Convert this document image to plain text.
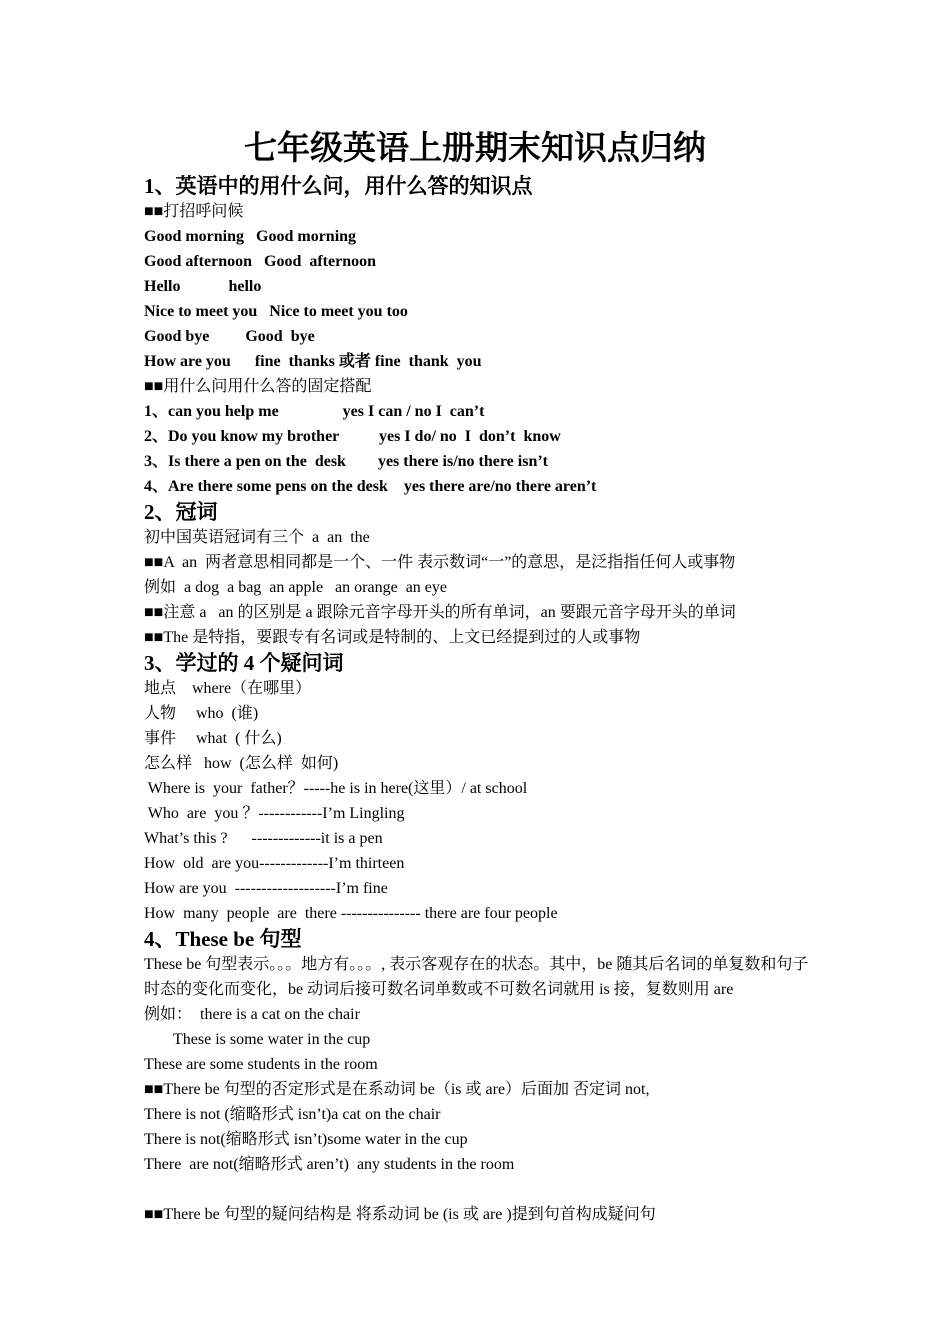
七年级英语上册期末知识点归纳
1、英语中的用什么问，用什么答的知识点
■■打招呼问候
Good morning   Good morning
Good afternoon   Good  afternoon
Hello            hello
Nice to meet you   Nice to meet you too
Good bye         Good  bye
How are you      fine  thanks 或者 fine  thank  you
■■用什么问用什么答的固定搭配
1、can you help me                yes I can / no I  can’t
2、Do you know my brother          yes I do/ no  I  don’t  know
3、Is there a pen on the  desk        yes there is/no there isn’t
4、Are there some pens on the desk    yes there are/no there aren’t
2、冠词
初中国英语冠词有三个  a  an  the
■■A  an  两者意思相同都是一个、一件 表示数词“一”的意思，是泛指指任何人或事物
例如  a dog  a bag  an apple   an orange  an eye
■■注意 a   an 的区别是 a 跟除元音字母开头的所有单词，an 要跟元音字母开头的单词
■■The 是特指，要跟专有名词或是特制的、上文已经提到过的人或事物
3、学过的 4 个疑问词
地点    where（在哪里）
人物     who  (谁)
事件     what  ( 什么)
怎么样   how  (怎么样  如何)
Where is  your  father？-----he is in here(这里）/ at school
Who  are  you ？------------I’m Lingling
What’s this ?      -------------it is a pen
How  old  are you-------------I’m thirteen
How are you  -------------------I’m fine
How  many  people  are  there --------------- there are four people
4、These be 句型
These be 句型表示。。。地方有。。。, 表示客观存在的状态。其中，be 随其后名词的单复数和句子时态的变化而变化，be 动词后接可数名词单数或不可数名词就用 is 接，复数则用 are
例如：  there is a cat on the chair
These is some water in the cup
These are some students in the room
■■There be 句型的否定形式是在系动词 be（is 或 are）后面加 否定词 not,
There is not (缩略形式 isn’t)a cat on the chair
There is not(缩略形式 isn’t)some water in the cup
There  are not(缩略形式 aren’t)  any students in the room
■■There be 句型的疑问结构是 将系动词 be (is 或 are )提到句首构成疑问句
